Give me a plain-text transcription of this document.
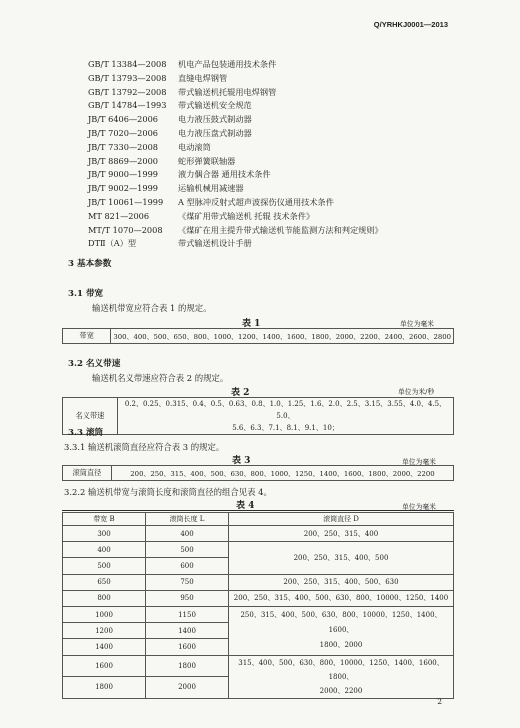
Q/YRHKJ0001—2013
GB/T 13384—2008	机电产品包装通用技术条件
GB/T 13793—2008	直缝电焊钢管
GB/T 13792—2008	带式输送机托辊用电焊钢管
GB/T 14784—1993	带式输送机安全规范
JB/T 6406—2006	电力液压鼓式制动器
JB/T 7020—2006	电力液压盘式制动器
JB/T 7330—2008	电动滚筒
JB/T 8869—2000	蛇形弹簧联轴器
JB/T 9000—1999	液力偶合器 通用技术条件
JB/T 9002—1999	运输机械用减速器
JB/T 10061—1999	A 型脉冲反射式超声波探伤仪通用技术条件
MT 821—2006	《煤矿用带式输送机 托辊 技术条件》
MT/T 1070—2008	《煤矿在用主提升带式输送机节能监测方法和判定规则》
DTⅡ（A）型	带式输送机设计手册
3 基本参数
3.1 带宽
输送机带宽应符合表 1 的规定。
表 1	单位为毫米
带宽	300、400、500、650、800、1000、1200、1400、1600、1800、2000、2200、2400、2600、2800
3.2 名义带速
输送机名义带速应符合表 2 的规定。
表 2	单位为米/秒
名义带速	
0.2、0.25、0.315、0.4、0.5、0.63、0.8、1.0、1.25、1.6、2.0、2.5、3.15、3.55、4.0、4.5、5.0、
5.6、6.3、7.1、8.1、9.1、10；
3.3 滚筒
3.3.1 输送机滚筒直径应符合表 3 的规定。
表 3	单位为毫米
滚筒直径	200、250、315、400、500、630、800、1000、1250、1400、1600、1800、2000、2200
3.2.2 输送机带宽与滚筒长度和滚筒直径的组合见表 4。
表 4	单位为毫米
带宽 B	滚筒长度 L	滚筒直径 D
300	400	200、250、315、400
400	500	200、250、315、400、500
500	600	
650	750	200、250、315、400、500、630
800	950	200、250、315、400、500、630、800、10000、1250、1400
1000	1150	250、315、400、500、630、800、10000、1250、1400、1600、
1800、2000

1200	1400	
1400	1600	
1600	1800	315、400、500、630、800、10000、1250、1400、1600、1800、
2000、2200

1800	2000	
2
